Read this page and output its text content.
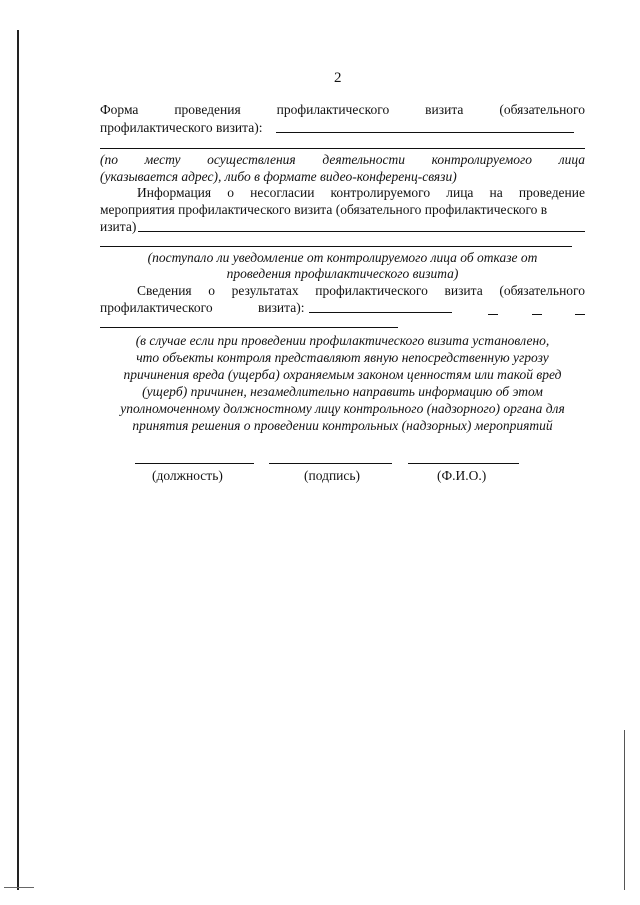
2
Форма проведения профилактического визита (обязательного
профилактического визита):
(по месту осуществления деятельности контролируемого лица
(указывается адрес), либо в формате видео-конференц-связи)
Информация о несогласии контролируемого лица на проведение
мероприятия профилактического визита (обязательного профилактического в
изита)
(поступало ли уведомление от контролируемого лица об отказе от
проведения профилактического визита)
Сведения о результатах профилактического визита (обязательного
профилактического	визита):
(в случае если при проведении профилактического визита установлено,
что объекты контроля представляют явную непосредственную угрозу
причинения вреда (ущерба) охраняемым законом ценностям или такой вред
(ущерб) причинен, незамедлительно направить информацию об этом
уполномоченному должностному лицу контрольного (надзорного) органа для
принятия решения о проведении контрольных (надзорных) мероприятий
(должность)	(подпись)	(Ф.И.О.)
